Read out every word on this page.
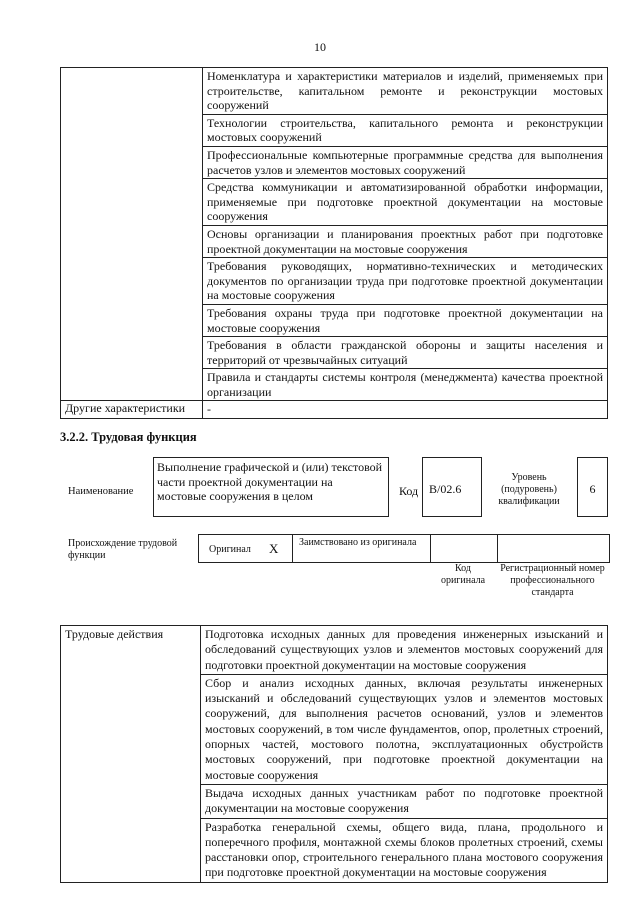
10
	Номенклатура и характеристики материалов и изделий, применяемых при строительстве, капитальном ремонте и реконструкции мостовых сооружений
	Технологии строительства, капитального ремонта и реконструкции мостовых сооружений
	Профессиональные компьютерные программные средства для выполнения расчетов узлов и элементов мостовых сооружений
	Средства коммуникации и автоматизированной обработки информации, применяемые при подготовке проектной документации на мостовые сооружения
	Основы организации и планирования проектных работ при подготовке проектной документации на мостовые сооружения
	Требования руководящих, нормативно-технических и методических документов по организации труда при подготовке проектной документации на мостовые сооружения
	Требования охраны труда при подготовке проектной документации на мостовые сооружения
	Требования в области гражданской обороны и защиты населения и территорий от чрезвычайных ситуаций
	Правила и стандарты системы контроля (менеджмента) качества проектной организации
Другие характеристики	-
3.2.2. Трудовая функция
Наименование
Выполнение графической и (или) текстовой части проектной документации на мостовые сооружения в целом	Код B/02.6
Уровень (подуровень) квалификации
6
Происхождение трудовой функции
Оригинал X Заимствовано из оригинала
Код оригинала
Регистрационный номер профессионального стандарта
Трудовые действия	Подготовка исходных данных для проведения инженерных изысканий и обследований существующих узлов и элементов мостовых сооружений для подготовки проектной документации на мостовые сооружения
Сбор и анализ исходных данных, включая результаты инженерных изысканий и обследований существующих узлов и элементов мостовых сооружений, для выполнения расчетов оснований, узлов и элементов мостовых сооружений, в том числе фундаментов, опор, пролетных строений, опорных частей, мостового полотна, эксплуатационных обустройств мостовых сооружений, при подготовке проектной документации на мостовые сооружения
Выдача исходных данных участникам работ по подготовке проектной документации на мостовые сооружения
Разработка генеральной схемы, общего вида, плана, продольного и поперечного профиля, монтажной схемы блоков пролетных строений, схемы расстановки опор, строительного генерального плана мостового сооружения при подготовке проектной документации на мостовые сооружения
